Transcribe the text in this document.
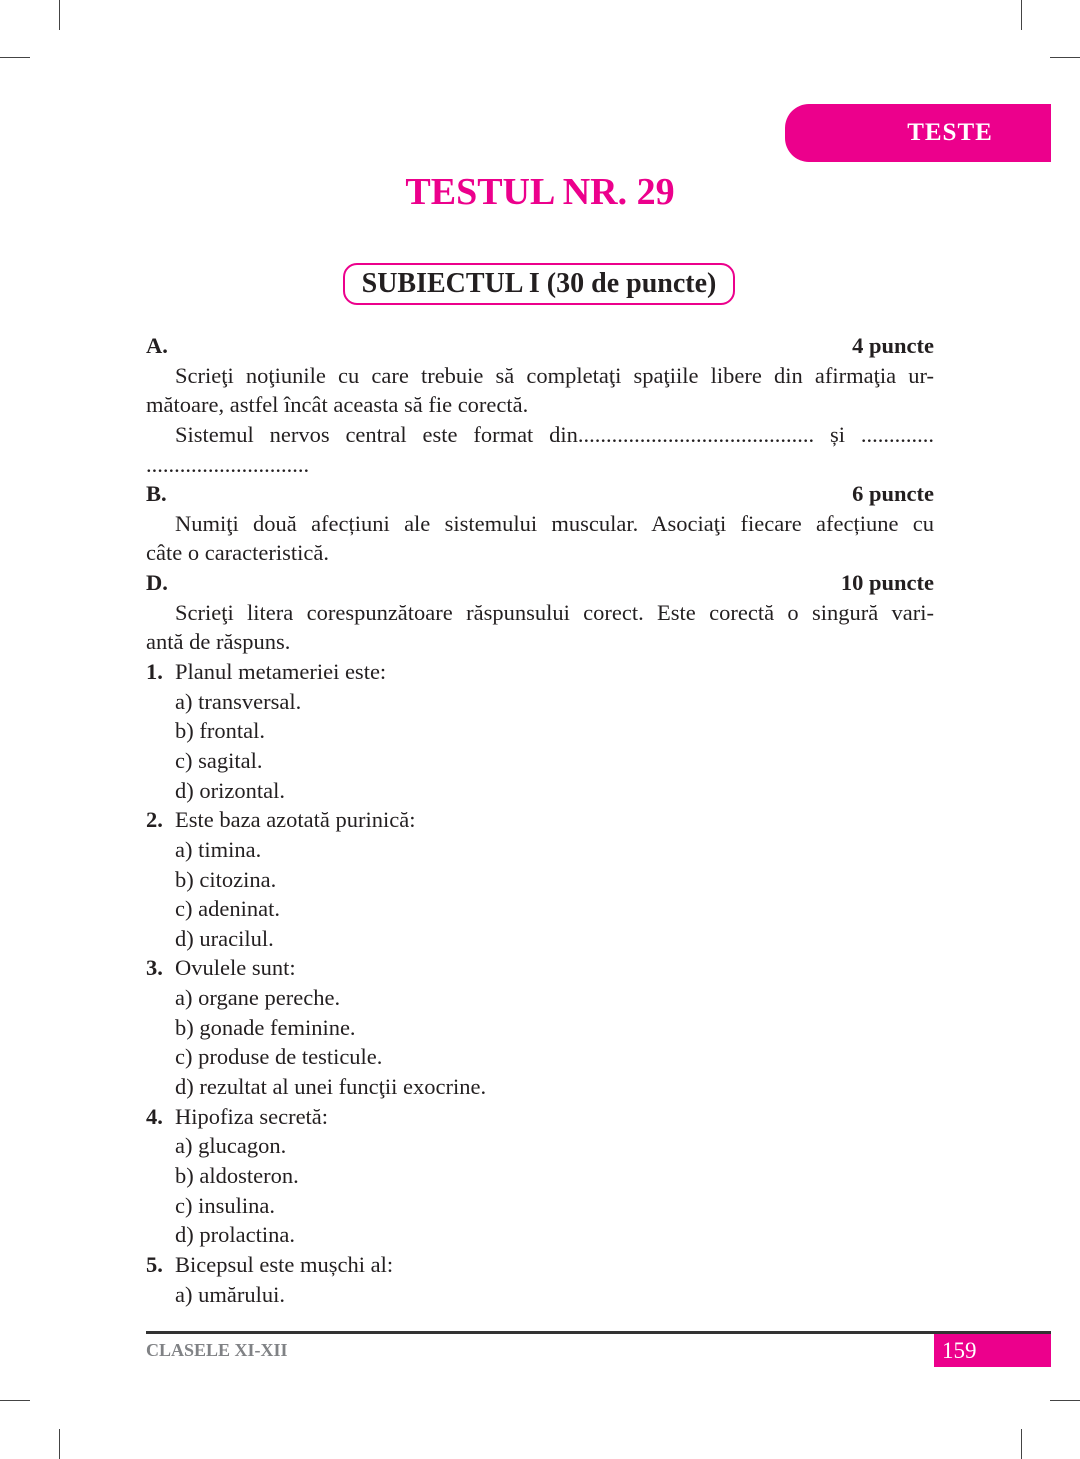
TESTE
TESTUL NR. 29
SUBIECTUL I (30 de puncte)
A.	4 puncte
Scrieţi noţiunile cu care trebuie să completaţi spaţiile libere din afirmaţia ur-
mătoare, astfel încât aceasta să fie corectă.
Sistemul nervos central este format din.......................................... și .............
.............................
B.	6 puncte
Numiţi două afecțiuni ale sistemului muscular. Asociaţi fiecare afecțiune cu
câte o caracteristică.
D.	10 puncte
Scrieţi litera corespunzătoare răspunsului corect. Este corectă o singură vari-
antă de răspuns.
1. Planul metameriei este:
a) transversal.
b) frontal.
c) sagital.
d) orizontal.
2. Este baza azotată purinică:
a) timina.
b) citozina.
c) adeninat.
d) uracilul.
3. Ovulele sunt:
a) organe pereche.
b) gonade feminine.
c) produse de testicule.
d) rezultat al unei funcţii exocrine.
4. Hipofiza secretă:
a) glucagon.
b) aldosteron.
c) insulina.
d) prolactina.
5. Bicepsul este mușchi al:
a) umărului.
CLASELE XI-XII	159
